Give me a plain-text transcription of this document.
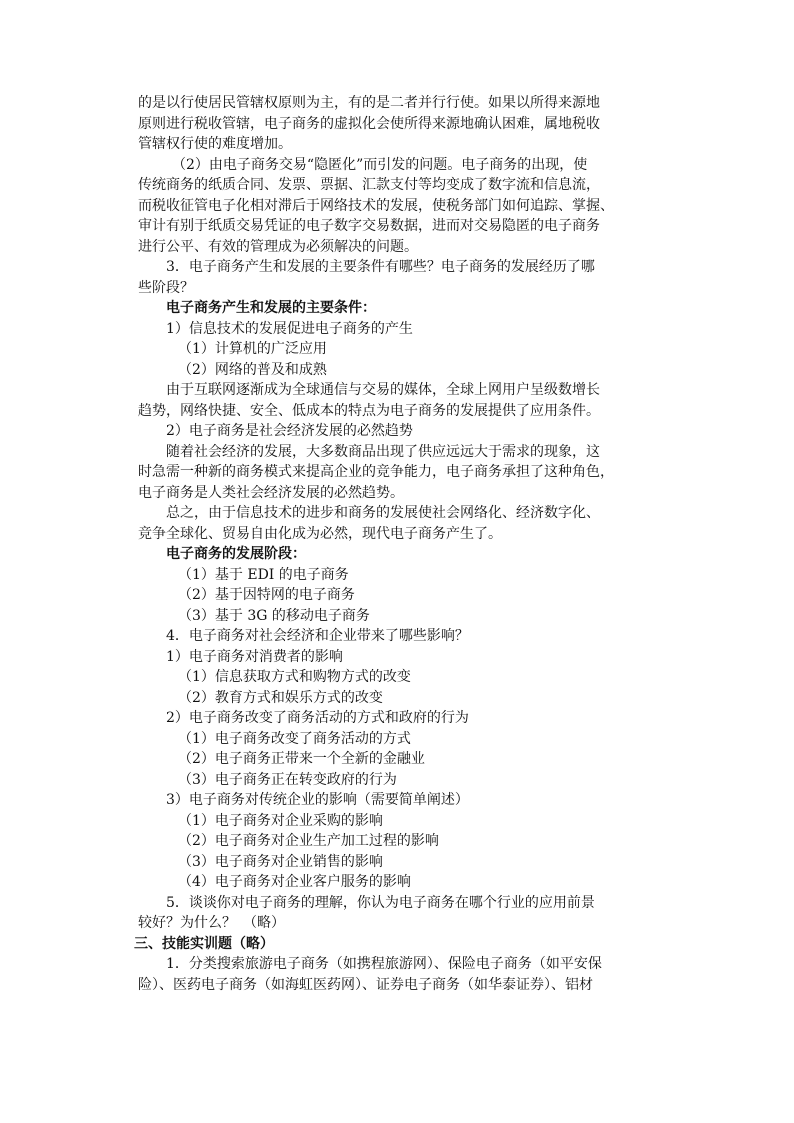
的是以行使居民管辖权原则为主，有的是二者并行行使。如果以所得来源地

原则进行税收管辖，电子商务的虚拟化会使所得来源地确认困难，属地税收

管辖权行使的难度增加。

（2）由电子商务交易“隐匿化”而引发的问题。电子商务的出现，使

传统商务的纸质合同、发票、票据、汇款支付等均变成了数字流和信息流，

而税收征管电子化相对滞后于网络技术的发展，使税务部门如何追踪、掌握、

审计有别于纸质交易凭证的电子数字交易数据，进而对交易隐匿的电子商务

进行公平、有效的管理成为必须解决的问题。

3．电子商务产生和发展的主要条件有哪些？电子商务的发展经历了哪

些阶段？

电子商务产生和发展的主要条件：

1）信息技术的发展促进电子商务的产生

（1）计算机的广泛应用

（2）网络的普及和成熟

由于互联网逐渐成为全球通信与交易的媒体，全球上网用户呈级数增长

趋势，网络快捷、安全、低成本的特点为电子商务的发展提供了应用条件。

2）电子商务是社会经济发展的必然趋势

随着社会经济的发展，大多数商品出现了供应远远大于需求的现象，这

时急需一种新的商务模式来提高企业的竞争能力，电子商务承担了这种角色，

电子商务是人类社会经济发展的必然趋势。

总之，由于信息技术的进步和商务的发展使社会网络化、经济数字化、

竞争全球化、贸易自由化成为必然，现代电子商务产生了。

电子商务的发展阶段：

（1）基于 EDI 的电子商务

（2）基于因特网的电子商务

（3）基于 3G 的移动电子商务

4．电子商务对社会经济和企业带来了哪些影响？

1）电子商务对消费者的影响

（1）信息获取方式和购物方式的改变

（2）教育方式和娱乐方式的改变

2）电子商务改变了商务活动的方式和政府的行为

（1）电子商务改变了商务活动的方式

（2）电子商务正带来一个全新的金融业

（3）电子商务正在转变政府的行为

3）电子商务对传统企业的影响（需要简单阐述）

（1）电子商务对企业采购的影响

（2）电子商务对企业生产加工过程的影响

（3）电子商务对企业销售的影响

（4）电子商务对企业客户服务的影响

5．谈谈你对电子商务的理解，你认为电子商务在哪个行业的应用前景

较好？为什么？　（略）

三、技能实训题（略）

1．分类搜索旅游电子商务（如携程旅游网）、保险电子商务（如平安保

险）、医药电子商务（如海虹医药网）、证券电子商务（如华泰证券）、铝材
